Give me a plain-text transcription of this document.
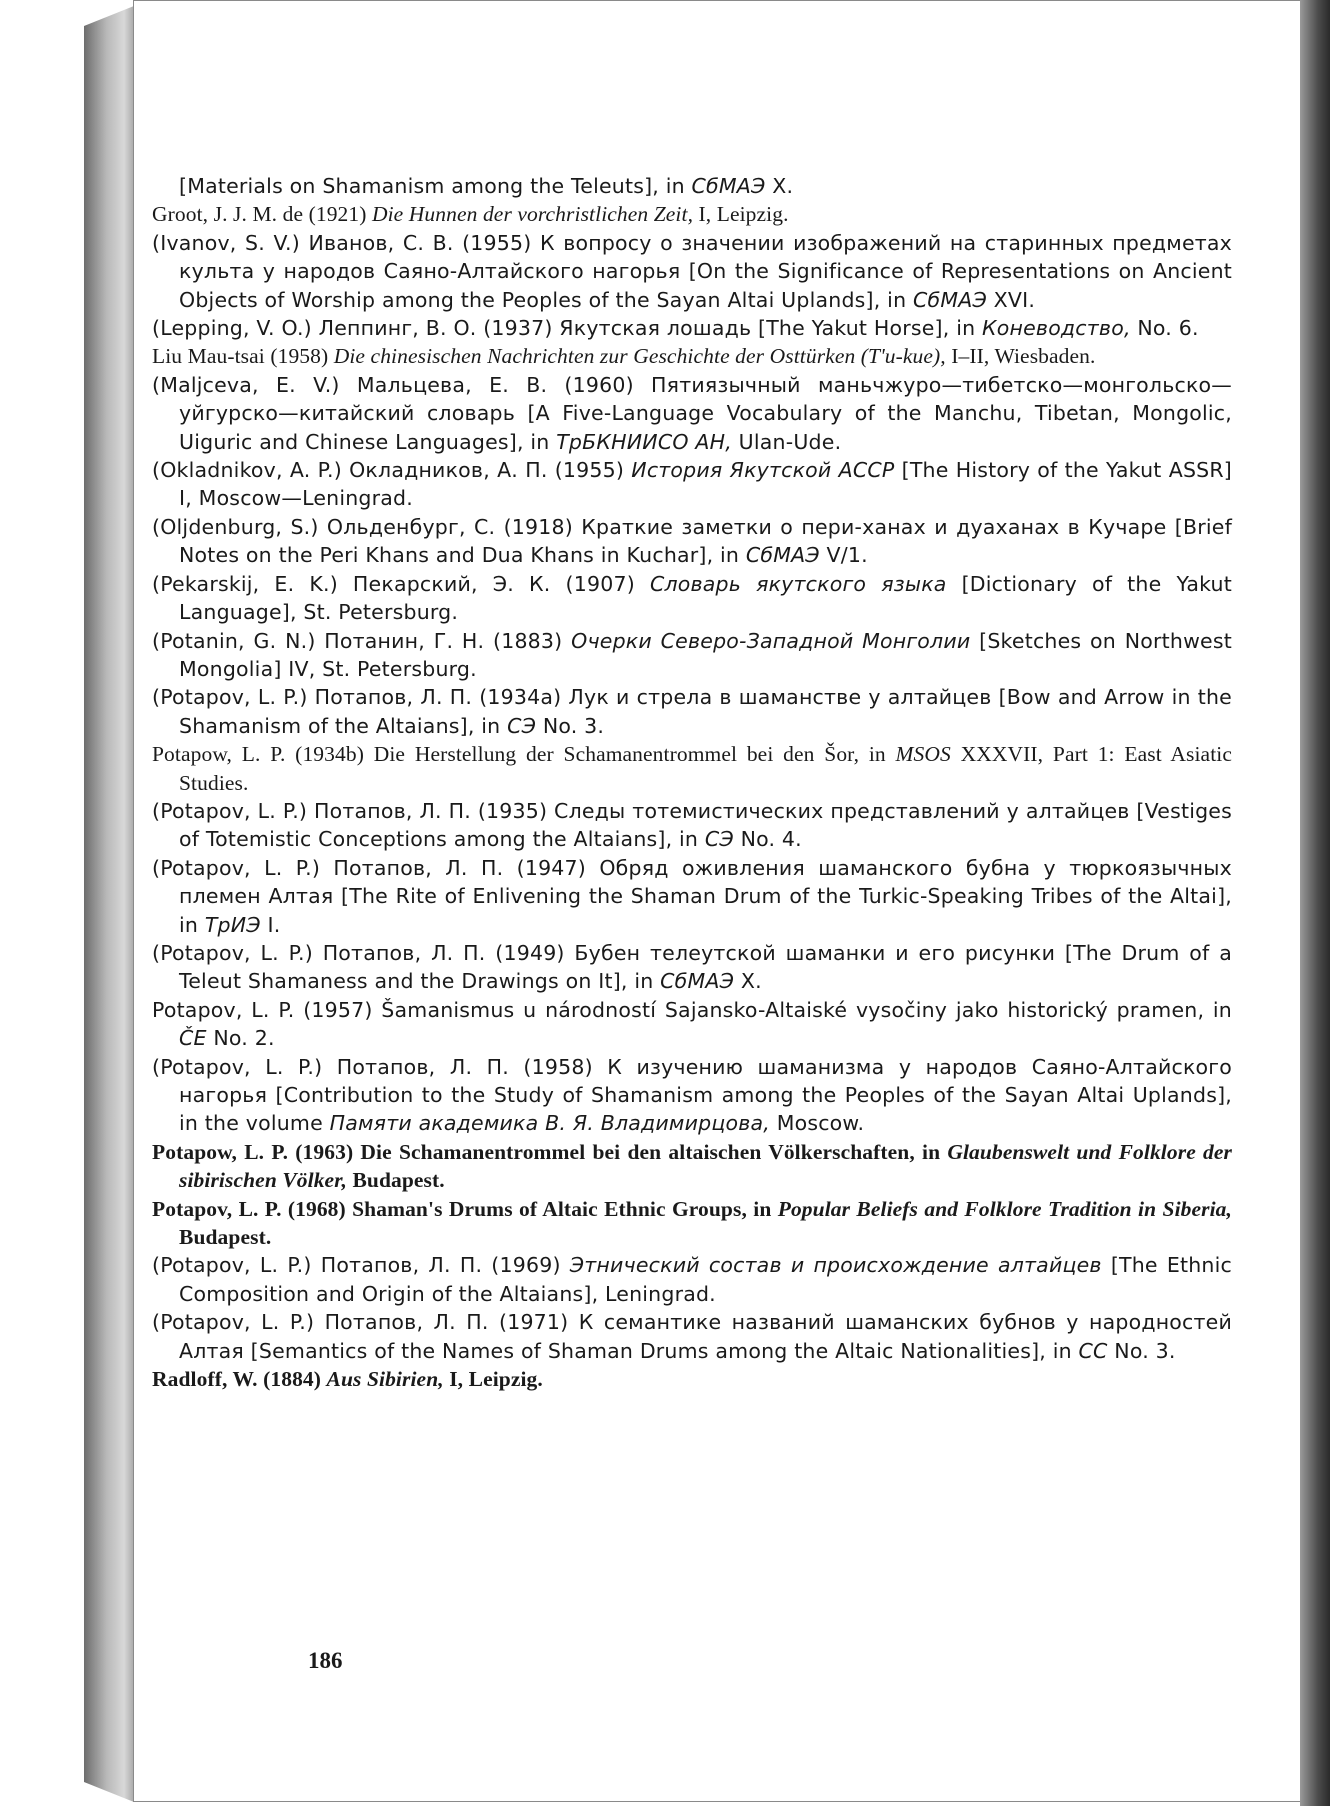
[Materials on Shamanism among the Teleuts], in СбМАЭ X.

Groot, J. J. M. de (1921) Die Hunnen der vorchristlichen Zeit, I, Leipzig.

(Ivanov, S. V.) Иванов, С. В. (1955) К вопросу о значении изображений на старинных предметах культа у народов Саяно-Алтайского нагорья [On the Significance of Representations on Ancient Objects of Worship among the Peoples of the Sayan Altai Uplands], in СбМАЭ XVI.

(Lepping, V. O.) Леппинг, В. О. (1937) Якутская лошадь [The Yakut Horse], in Коневодство, No. 6.

Liu Mau-tsai (1958) Die chinesischen Nachrichten zur Geschichte der Osttürken (T'u-kue), I–II, Wiesbaden.

(Maljceva, E. V.) Мальцева, Е. В. (1960) Пятиязычный маньчжуро—тибетско—монгольско—уйгурско—китайский словарь [A Five-Language Vocabulary of the Manchu, Tibetan, Mongolic, Uiguric and Chinese Languages], in ТрБКНИИСО АН, Ulan-Ude.

(Okladnikov, A. P.) Окладников, А. П. (1955) История Якутской АССР [The History of the Yakut ASSR] I, Moscow—Leningrad.

(Oljdenburg, S.) Ольденбург, С. (1918) Краткие заметки о пери-ханах и дуаханах в Кучаре [Brief Notes on the Peri Khans and Dua Khans in Kuchar], in СбМАЭ V/1.

(Pekarskij, E. K.) Пекарский, Э. К. (1907) Словарь якутского языка [Dictionary of the Yakut Language], St. Petersburg.

(Potanin, G. N.) Потанин, Г. Н. (1883) Очерки Северо-Западной Монголии [Sketches on Northwest Mongolia] IV, St. Petersburg.

(Potapov, L. P.) Потапов, Л. П. (1934a) Лук и стрела в шаманстве у алтайцев [Bow and Arrow in the Shamanism of the Altaians], in СЭ No. 3.

Potapow, L. P. (1934b) Die Herstellung der Schamanentrommel bei den Šor, in MSOS XXXVII, Part 1: East Asiatic Studies.

(Potapov, L. P.) Потапов, Л. П. (1935) Следы тотемистических представлений у алтайцев [Vestiges of Totemistic Conceptions among the Altaians], in СЭ No. 4.

(Potapov, L. P.) Потапов, Л. П. (1947) Обряд оживления шаманского бубна у тюркоязычных племен Алтая [The Rite of Enlivening the Shaman Drum of the Turkic-Speaking Tribes of the Altai], in ТрИЭ I.

(Potapov, L. P.) Потапов, Л. П. (1949) Бубен телеутской шаманки и его рисунки [The Drum of a Teleut Shamaness and the Drawings on It], in СбМАЭ X.

Potapov, L. P. (1957) Šamanismus u národností Sajansko-Altaiské vysočiny jako historický pramen, in ČE No. 2.

(Potapov, L. P.) Потапов, Л. П. (1958) К изучению шаманизма у народов Саяно-Алтайского нагорья [Contribution to the Study of Shamanism among the Peoples of the Sayan Altai Uplands], in the volume Памяти академика В. Я. Владимирцова, Moscow.

Potapow, L. P. (1963) Die Schamanentrommel bei den altaischen Völkerschaften, in Glaubenswelt und Folklore der sibirischen Völker, Budapest.

Potapov, L. P. (1968) Shaman's Drums of Altaic Ethnic Groups, in Popular Beliefs and Folklore Tradition in Siberia, Budapest.

(Potapov, L. P.) Потапов, Л. П. (1969) Этнический состав и происхождение алтайцев [The Ethnic Composition and Origin of the Altaians], Leningrad.

(Potapov, L. P.) Потапов, Л. П. (1971) К семантике названий шаманских бубнов у народностей Алтая [Semantics of the Names of Shaman Drums among the Altaic Nationalities], in СС No. 3.

Radloff, W. (1884) Aus Sibirien, I, Leipzig.

186
